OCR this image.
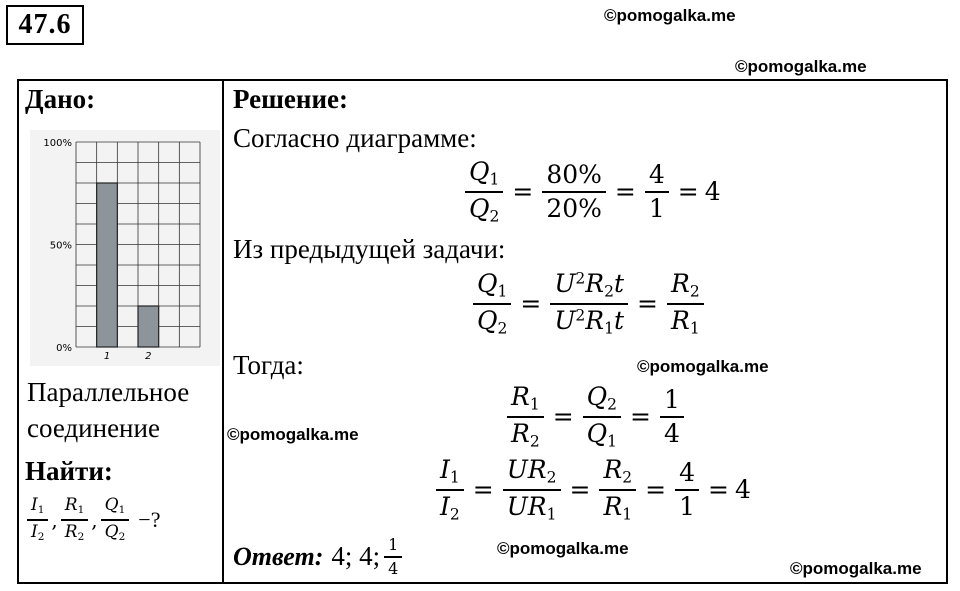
47.6	©pomogalka.me
©pomogalka.me
Дано:
100%
50%
0%
1	2
Параллельное
соединение
Найти:
$\frac{I_1}{I_2}$ , $\frac{R_1}{R_2}$ , $\frac{Q_1}{Q_2}$ −?
Решение:
Согласно диаграмме:
$\frac{Q_1}{Q_2} = \frac{80\%}{20\%} = \frac{4}{1} = 4$
Из предыдущей задачи:
$\frac{Q_1}{Q_2} = \frac{U^2R_2t}{U^2R_1t} = \frac{R_2}{R_1}$
Тогда:	©pomogalka.me
$\frac{R_1}{R_2} = \frac{Q_2}{Q_1} = \frac{1}{4}$
©pomogalka.me
$\frac{I_1}{I_2} = \frac{UR_2}{UR_1} = \frac{R_2}{R_1} = \frac{4}{1} = 4$
Ответ: 4; 4; $\frac{1}{4}$	©pomogalka.me
©pomogalka.me
